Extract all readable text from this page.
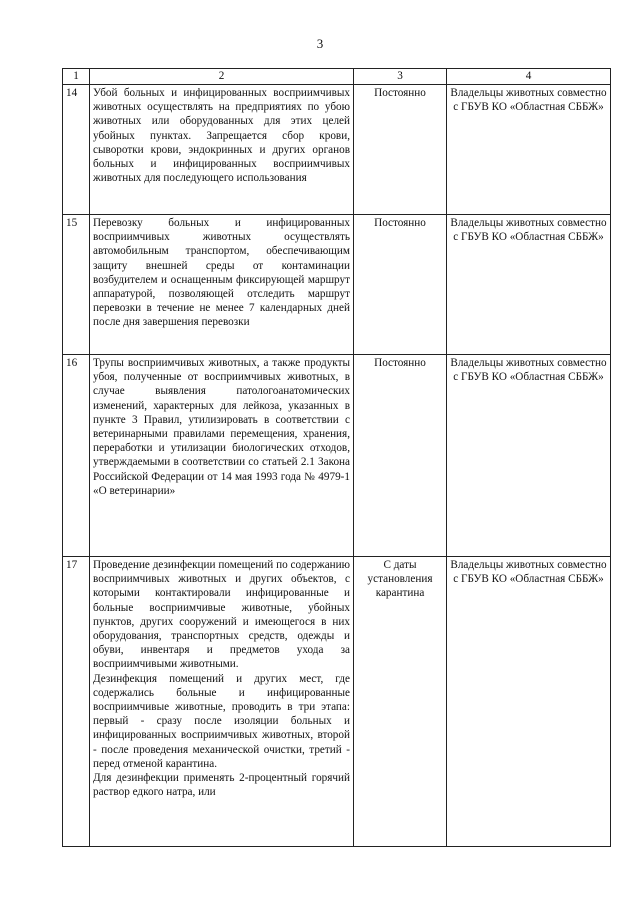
3
1	2	3	4
14	Убой больных и инфицированных восприимчивых животных осуществлять на предприятиях по убою животных или оборудованных для этих целей убойных пунктах. Запрещается сбор крови, сыворотки крови, эндокринных и других органов больных и инфицированных восприимчивых животных для последующего использования	Постоянно	Владельцы животных совместно с ГБУВ КО «Областная СББЖ»
15	Перевозку больных и инфицированных восприимчивых животных осуществлять автомобильным транспортом, обеспечивающим защиту внешней среды от контаминации возбудителем и оснащенным фиксирующей маршрут аппаратурой, позволяющей отследить маршрут перевозки в течение не менее 7 календарных дней после дня завершения перевозки	Постоянно	Владельцы животных совместно с ГБУВ КО «Областная СББЖ»
16	Трупы восприимчивых животных, а также продукты убоя, полученные от восприимчивых животных, в случае выявления патологоанатомических изменений, характерных для лейкоза, указанных в пункте 3 Правил, утилизировать в соответствии с ветеринарными правилами перемещения, хранения, переработки и утилизации биологических отходов, утверждаемыми в соответствии со статьей 2.1 Закона Российской Федерации от 14 мая 1993 года № 4979-1 «О ветеринарии»	Постоянно	Владельцы животных совместно с ГБУВ КО «Областная СББЖ»
17	Проведение дезинфекции помещений по содержанию восприимчивых животных и других объектов, с которыми контактировали инфицированные и больные восприимчивые животные, убойных пунктов, других сооружений и имеющегося в них оборудования, транспортных средств, одежды и обуви, инвентаря и предметов ухода за восприимчивыми животными.
Дезинфекция помещений и других мест, где содержались больные и инфицированные восприимчивые животные, проводить в три этапа: первый - сразу после изоляции больных и инфицированных восприимчивых животных, второй - после проведения механической очистки, третий - перед отменой карантина.
Для дезинфекции применять 2-процентный горячий раствор едкого натра, или	С даты установления карантина	Владельцы животных совместно с ГБУВ КО «Областная СББЖ»
